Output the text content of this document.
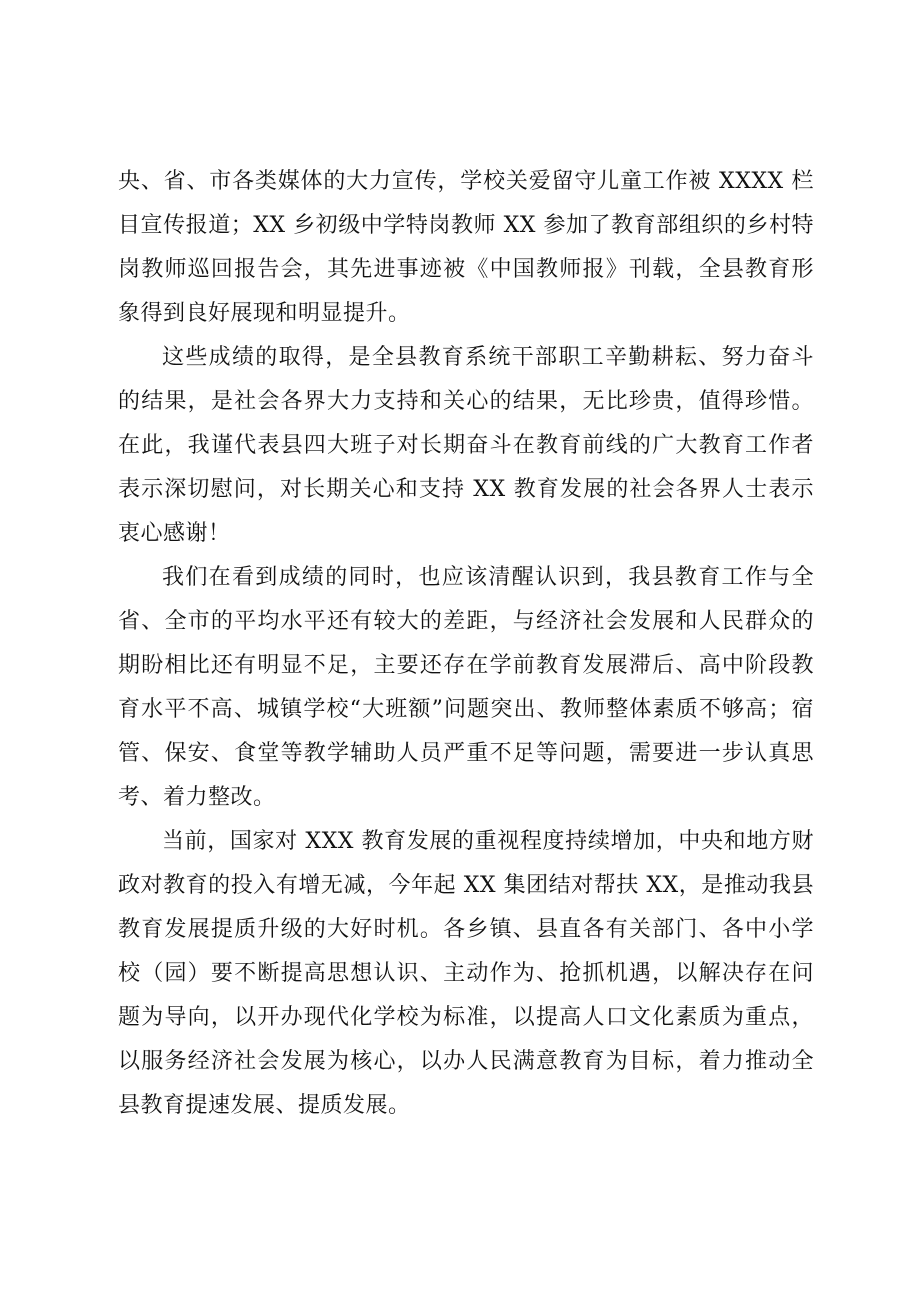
央、省、市各类媒体的大力宣传，学校关爱留守儿童工作被 XXXX 栏目宣传报道；XX 乡初级中学特岗教师 XX 参加了教育部组织的乡村特岗教师巡回报告会，其先进事迹被《中国教师报》刊载，全县教育形象得到良好展现和明显提升。

这些成绩的取得，是全县教育系统干部职工辛勤耕耘、努力奋斗的结果，是社会各界大力支持和关心的结果，无比珍贵，值得珍惜。在此，我谨代表县四大班子对长期奋斗在教育前线的广大教育工作者表示深切慰问，对长期关心和支持 XX 教育发展的社会各界人士表示衷心感谢！

我们在看到成绩的同时，也应该清醒认识到，我县教育工作与全省、全市的平均水平还有较大的差距，与经济社会发展和人民群众的期盼相比还有明显不足，主要还存在学前教育发展滞后、高中阶段教育水平不高、城镇学校“大班额”问题突出、教师整体素质不够高；宿管、保安、食堂等教学辅助人员严重不足等问题，需要进一步认真思考、着力整改。

当前，国家对 XXX 教育发展的重视程度持续增加，中央和地方财政对教育的投入有增无减，今年起 XX 集团结对帮扶 XX，是推动我县教育发展提质升级的大好时机。各乡镇、县直各有关部门、各中小学校（园）要不断提高思想认识、主动作为、抢抓机遇，以解决存在问题为导向，以开办现代化学校为标准，以提高人口文化素质为重点，以服务经济社会发展为核心，以办人民满意教育为目标，着力推动全县教育提速发展、提质发展。
